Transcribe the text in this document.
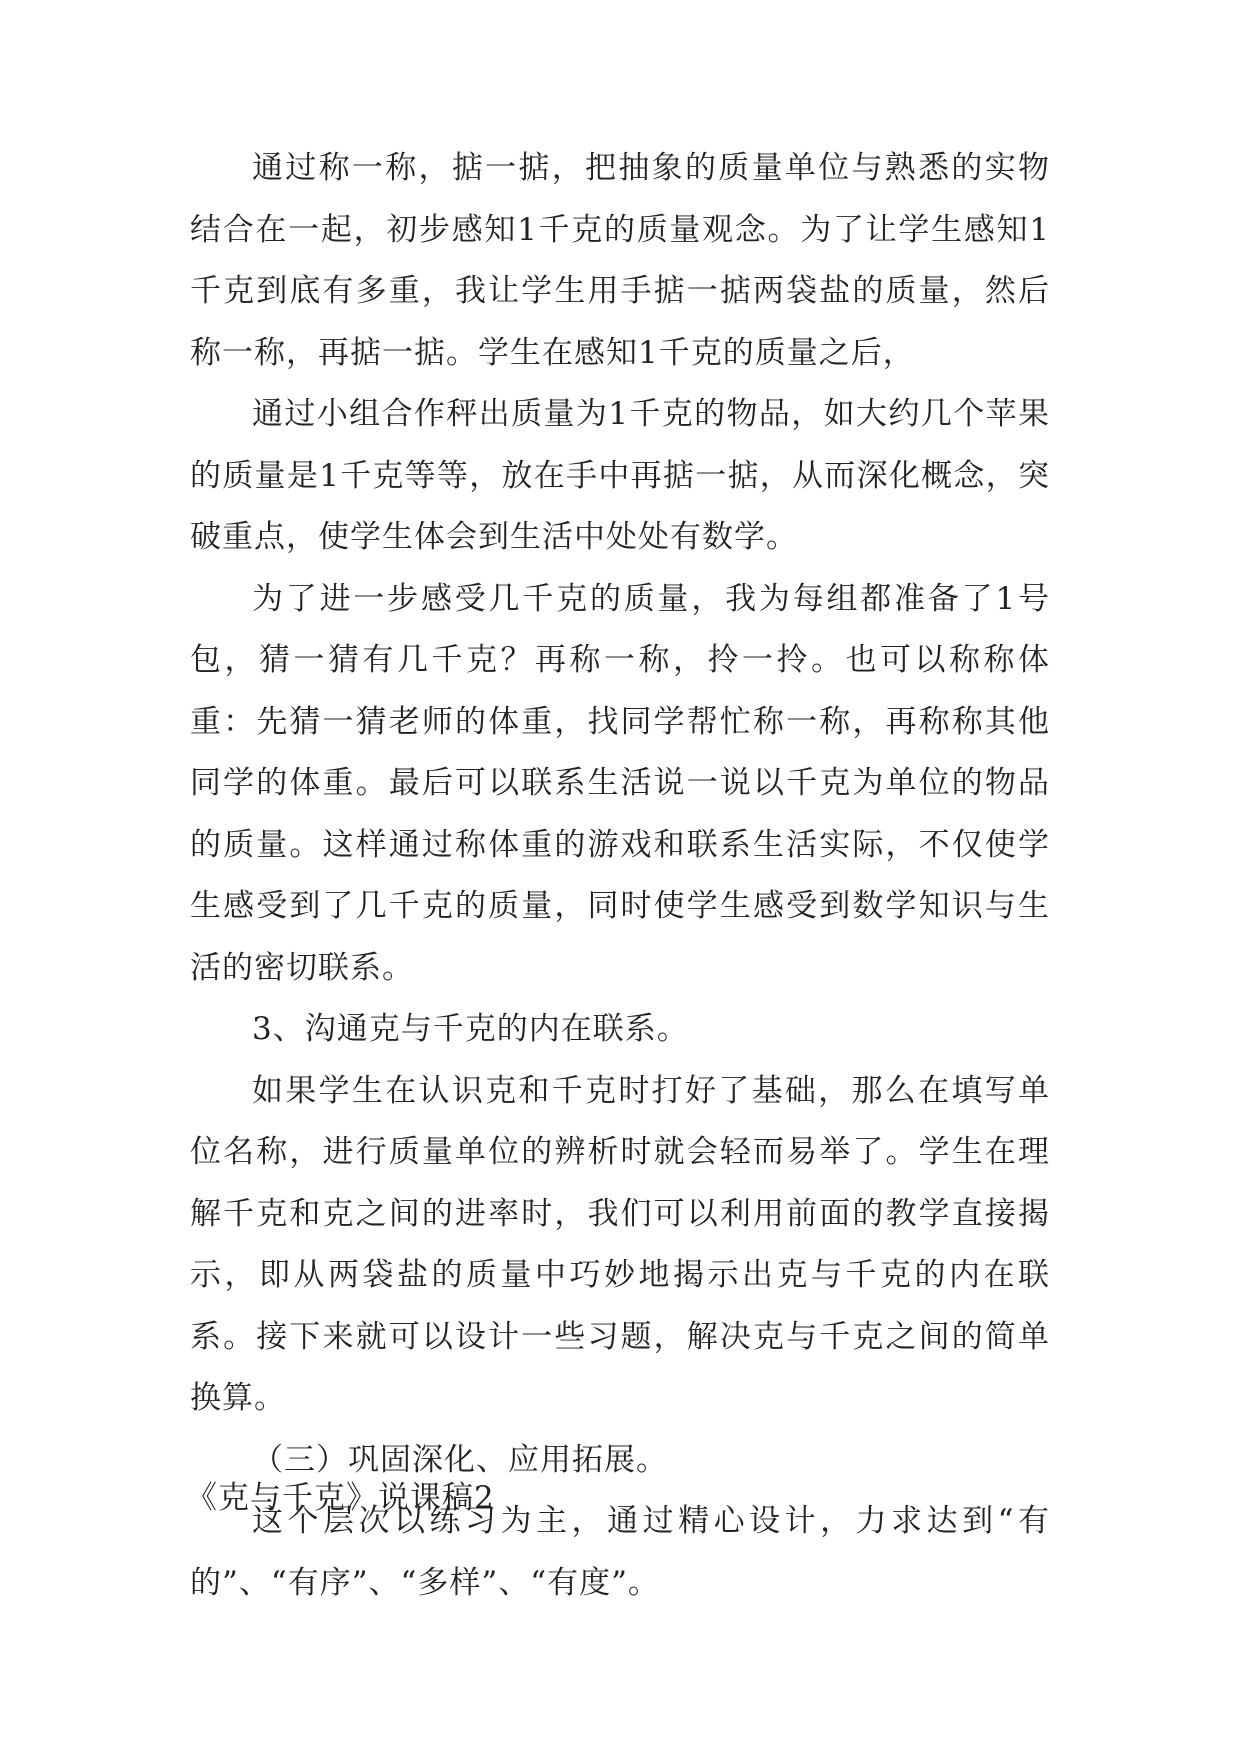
通过称一称，掂一掂，把抽象的质量单位与熟悉的实物结合在一起，初步感知1千克的质量观念。为了让学生感知1千克到底有多重，我让学生用手掂一掂两袋盐的质量，然后称一称，再掂一掂。学生在感知1千克的质量之后，

通过小组合作秤出质量为1千克的物品，如大约几个苹果的质量是1千克等等，放在手中再掂一掂，从而深化概念，突破重点，使学生体会到生活中处处有数学。

为了进一步感受几千克的质量，我为每组都准备了1号包，猜一猜有几千克？再称一称，拎一拎。也可以称称体重：先猜一猜老师的体重，找同学帮忙称一称，再称称其他同学的体重。最后可以联系生活说一说以千克为单位的物品的质量。这样通过称体重的游戏和联系生活实际，不仅使学生感受到了几千克的质量，同时使学生感受到数学知识与生活的密切联系。

3、沟通克与千克的内在联系。

如果学生在认识克和千克时打好了基础，那么在填写单位名称，进行质量单位的辨析时就会轻而易举了。学生在理解千克和克之间的进率时，我们可以利用前面的教学直接揭示，即从两袋盐的质量中巧妙地揭示出克与千克的内在联系。接下来就可以设计一些习题，解决克与千克之间的简单换算。

（三）巩固深化、应用拓展。

这个层次以练习为主，通过精心设计，力求达到“有的”、“有序”、“多样”、“有度”。

《克与千克》说课稿2
